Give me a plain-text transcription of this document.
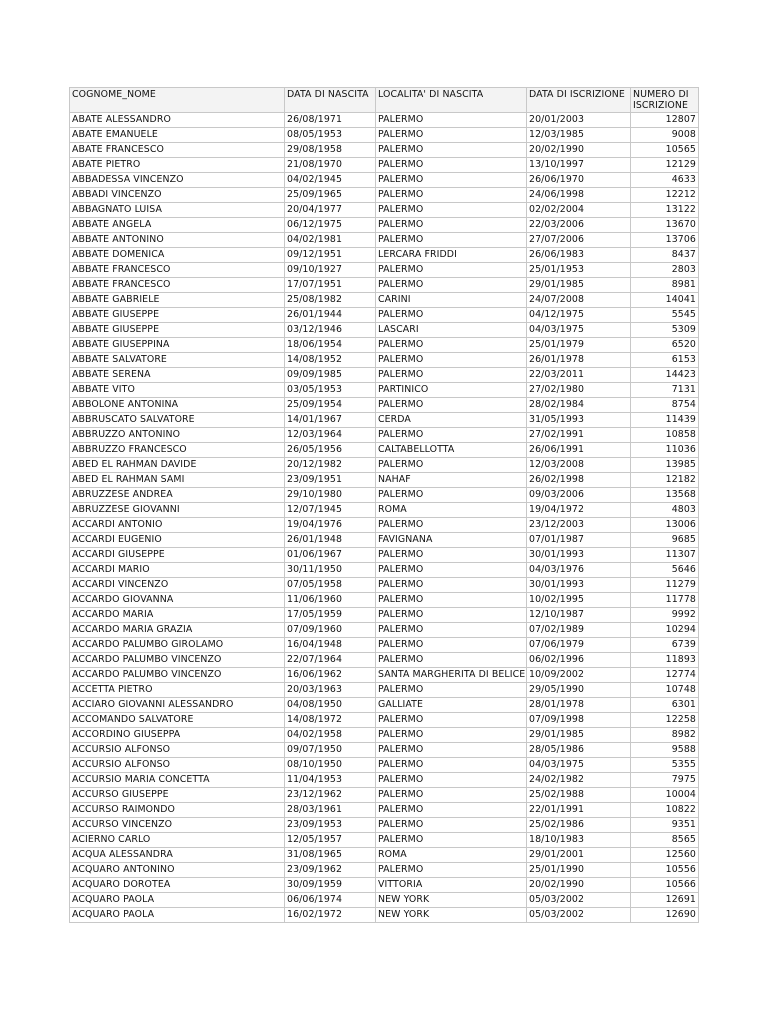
COGNOME_NOME	DATA DI NASCITA	LOCALITA' DI NASCITA	DATA DI ISCRIZIONE	NUMERO DI ISCRIZIONE
ABATE ALESSANDRO	26/08/1971	PALERMO	20/01/2003	12807
ABATE EMANUELE	08/05/1953	PALERMO	12/03/1985	9008
ABATE FRANCESCO	29/08/1958	PALERMO	20/02/1990	10565
ABATE PIETRO	21/08/1970	PALERMO	13/10/1997	12129
ABBADESSA VINCENZO	04/02/1945	PALERMO	26/06/1970	4633
ABBADI VINCENZO	25/09/1965	PALERMO	24/06/1998	12212
ABBAGNATO LUISA	20/04/1977	PALERMO	02/02/2004	13122
ABBATE ANGELA	06/12/1975	PALERMO	22/03/2006	13670
ABBATE ANTONINO	04/02/1981	PALERMO	27/07/2006	13706
ABBATE DOMENICA	09/12/1951	LERCARA FRIDDI	26/06/1983	8437
ABBATE FRANCESCO	09/10/1927	PALERMO	25/01/1953	2803
ABBATE FRANCESCO	17/07/1951	PALERMO	29/01/1985	8981
ABBATE GABRIELE	25/08/1982	CARINI	24/07/2008	14041
ABBATE GIUSEPPE	26/01/1944	PALERMO	04/12/1975	5545
ABBATE GIUSEPPE	03/12/1946	LASCARI	04/03/1975	5309
ABBATE GIUSEPPINA	18/06/1954	PALERMO	25/01/1979	6520
ABBATE SALVATORE	14/08/1952	PALERMO	26/01/1978	6153
ABBATE SERENA	09/09/1985	PALERMO	22/03/2011	14423
ABBATE VITO	03/05/1953	PARTINICO	27/02/1980	7131
ABBOLONE ANTONINA	25/09/1954	PALERMO	28/02/1984	8754
ABBRUSCATO SALVATORE	14/01/1967	CERDA	31/05/1993	11439
ABBRUZZO ANTONINO	12/03/1964	PALERMO	27/02/1991	10858
ABBRUZZO FRANCESCO	26/05/1956	CALTABELLOTTA	26/06/1991	11036
ABED EL RAHMAN DAVIDE	20/12/1982	PALERMO	12/03/2008	13985
ABED EL RAHMAN SAMI	23/09/1951	NAHAF	26/02/1998	12182
ABRUZZESE ANDREA	29/10/1980	PALERMO	09/03/2006	13568
ABRUZZESE GIOVANNI	12/07/1945	ROMA	19/04/1972	4803
ACCARDI ANTONIO	19/04/1976	PALERMO	23/12/2003	13006
ACCARDI EUGENIO	26/01/1948	FAVIGNANA	07/01/1987	9685
ACCARDI GIUSEPPE	01/06/1967	PALERMO	30/01/1993	11307
ACCARDI MARIO	30/11/1950	PALERMO	04/03/1976	5646
ACCARDI VINCENZO	07/05/1958	PALERMO	30/01/1993	11279
ACCARDO GIOVANNA	11/06/1960	PALERMO	10/02/1995	11778
ACCARDO MARIA	17/05/1959	PALERMO	12/10/1987	9992
ACCARDO MARIA GRAZIA	07/09/1960	PALERMO	07/02/1989	10294
ACCARDO PALUMBO GIROLAMO	16/04/1948	PALERMO	07/06/1979	6739
ACCARDO PALUMBO VINCENZO	22/07/1964	PALERMO	06/02/1996	11893
ACCARDO PALUMBO VINCENZO	16/06/1962	SANTA MARGHERITA DI BELICE	10/09/2002	12774
ACCETTA PIETRO	20/03/1963	PALERMO	29/05/1990	10748
ACCIARO GIOVANNI ALESSANDRO	04/08/1950	GALLIATE	28/01/1978	6301
ACCOMANDO SALVATORE	14/08/1972	PALERMO	07/09/1998	12258
ACCORDINO GIUSEPPA	04/02/1958	PALERMO	29/01/1985	8982
ACCURSIO ALFONSO	09/07/1950	PALERMO	28/05/1986	9588
ACCURSIO ALFONSO	08/10/1950	PALERMO	04/03/1975	5355
ACCURSIO MARIA CONCETTA	11/04/1953	PALERMO	24/02/1982	7975
ACCURSO GIUSEPPE	23/12/1962	PALERMO	25/02/1988	10004
ACCURSO RAIMONDO	28/03/1961	PALERMO	22/01/1991	10822
ACCURSO VINCENZO	23/09/1953	PALERMO	25/02/1986	9351
ACIERNO CARLO	12/05/1957	PALERMO	18/10/1983	8565
ACQUA ALESSANDRA	31/08/1965	ROMA	29/01/2001	12560
ACQUARO ANTONINO	23/09/1962	PALERMO	25/01/1990	10556
ACQUARO DOROTEA	30/09/1959	VITTORIA	20/02/1990	10566
ACQUARO PAOLA	06/06/1974	NEW YORK	05/03/2002	12691
ACQUARO PAOLA	16/02/1972	NEW YORK	05/03/2002	12690
